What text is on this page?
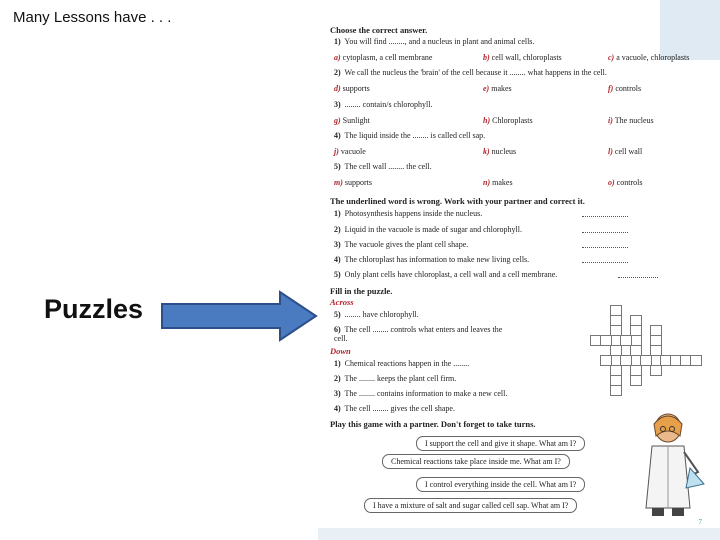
Many Lessons have . . .
Puzzles
Choose the correct answer.
1) You will find ........, and a nucleus in plant and animal cells.
a) cytoplasm, a cell membrane	b) cell wall, chloroplasts	c) a vacuole, chloroplasts
2) We call the nucleus the 'brain' of the cell because it ........ what happens in the cell.
d) supports	e) makes	f) controls
3) ........ contain/s chlorophyll.
g) Sunlight	h) Chloroplasts	i) The nucleus
4) The liquid inside the ........ is called cell sap.
j) vacuole	k) nucleus	l) cell wall
5) The cell wall ........ the cell.
m) supports	n) makes	o) controls
The underlined word is wrong. Work with your partner and correct it.
1) Photosynthesis happens inside the nucleus.
2) Liquid in the vacuole is made of sugar and chlorophyll.
3) The vacuole gives the plant cell shape.
4) The chloroplast has information to make new living cells.
5) Only plant cells have chloroplast, a cell wall and a cell membrane.
Fill in the puzzle.
Across
5) ........ have chlorophyll.
6) The cell ........ controls what enters and leaves the cell.
Down
1) Chemical reactions happen in the ........
2) The ........ keeps the plant cell firm.
3) The ........ contains information to make a new cell.
4) The cell ........ gives the cell shape.
Play this game with a partner. Don't forget to take turns.
I support the cell and give it shape. What am I?
Chemical reactions take place inside me. What am I?
I control everything inside the cell. What am I?
I have a mixture of salt and sugar called cell sap. What am I?
7
